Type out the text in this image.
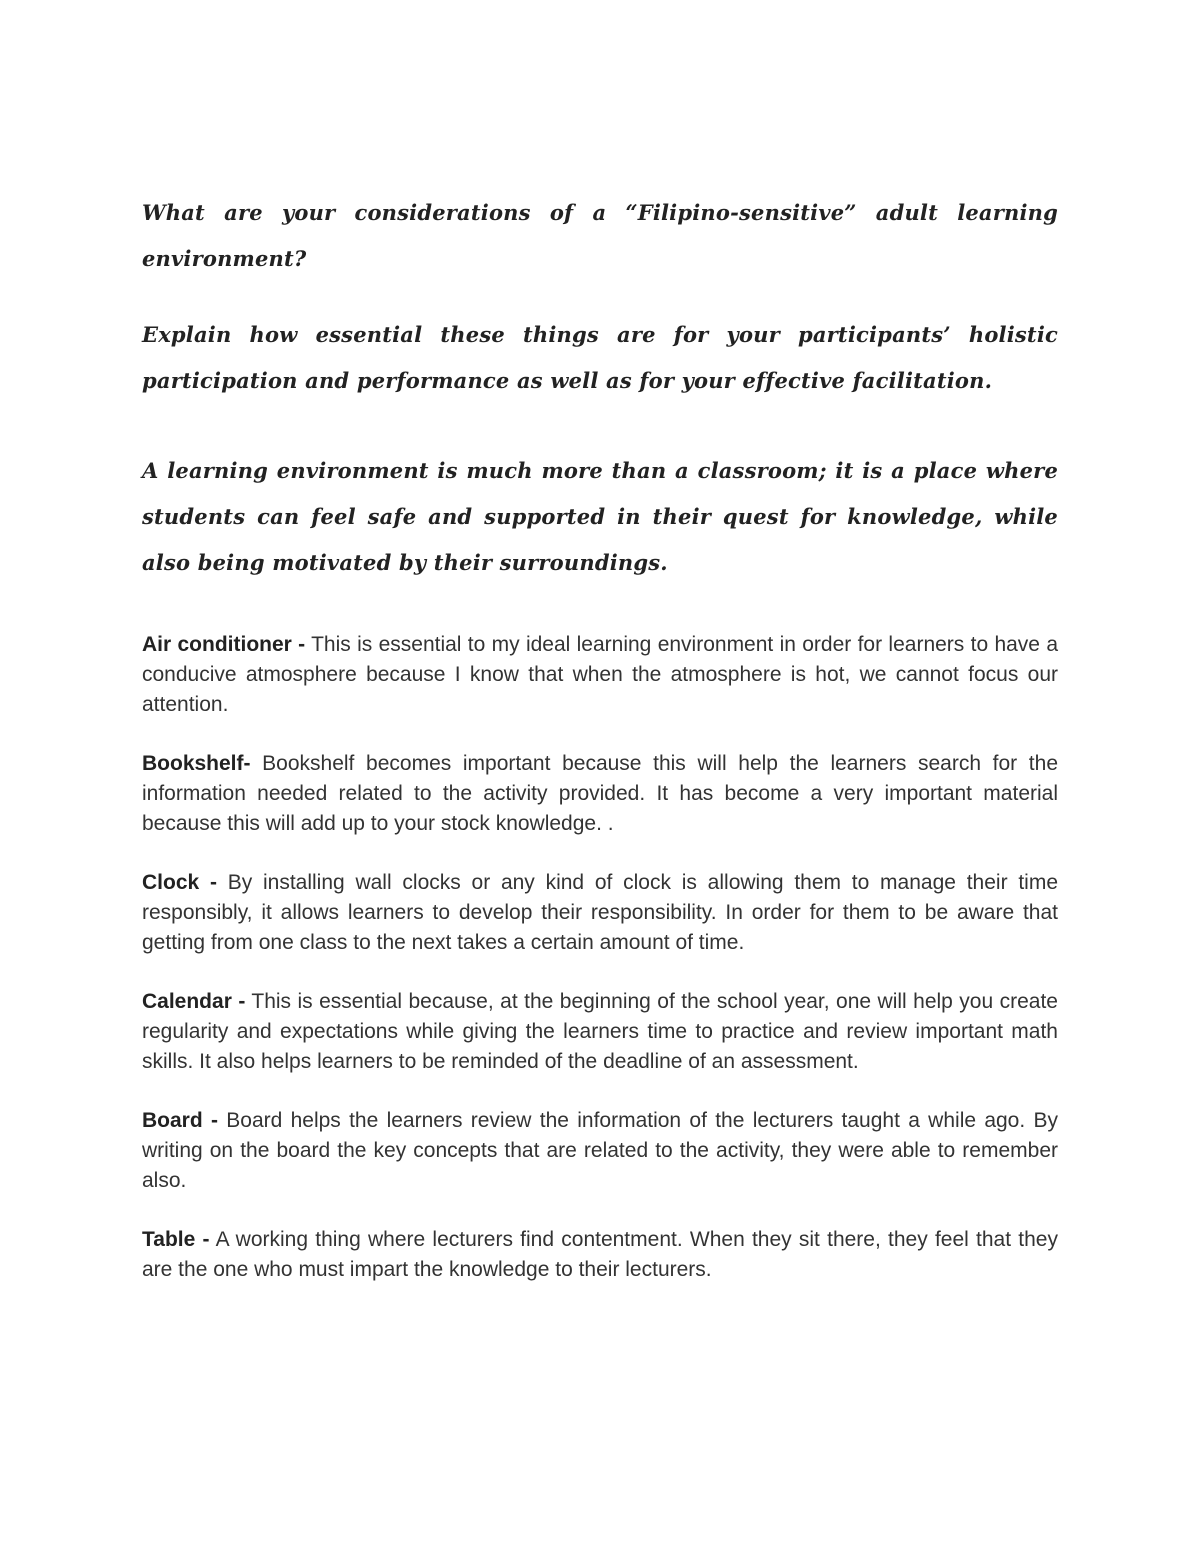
What are your considerations of a “Filipino-sensitive” adult learning environment?

Explain how essential these things are for your participants’ holistic participation and performance as well as for your effective facilitation.

A learning environment is much more than a classroom; it is a place where students can feel safe and supported in their quest for knowledge, while also being motivated by their surroundings.

Air conditioner - This is essential to my ideal learning environment in order for learners to have a conducive atmosphere because I know that when the atmosphere is hot, we cannot focus our attention.

Bookshelf- Bookshelf becomes important because this will help the learners search for the information needed related to the activity provided. It has become a very important material because this will add up to your stock knowledge. .

Clock - By installing wall clocks or any kind of clock is allowing them to manage their time responsibly, it allows learners to develop their responsibility. In order for them to be aware that getting from one class to the next takes a certain amount of time.

Calendar - This is essential because, at the beginning of the school year, one will help you create regularity and expectations while giving the learners time to practice and review important math skills. It also helps learners to be reminded of the deadline of an assessment.

Board - Board helps the learners review the information of the lecturers taught a while ago. By writing on the board the key concepts that are related to the activity, they were able to remember also.

Table - A working thing where lecturers find contentment. When they sit there, they feel that they are the one who must impart the knowledge to their lecturers.
